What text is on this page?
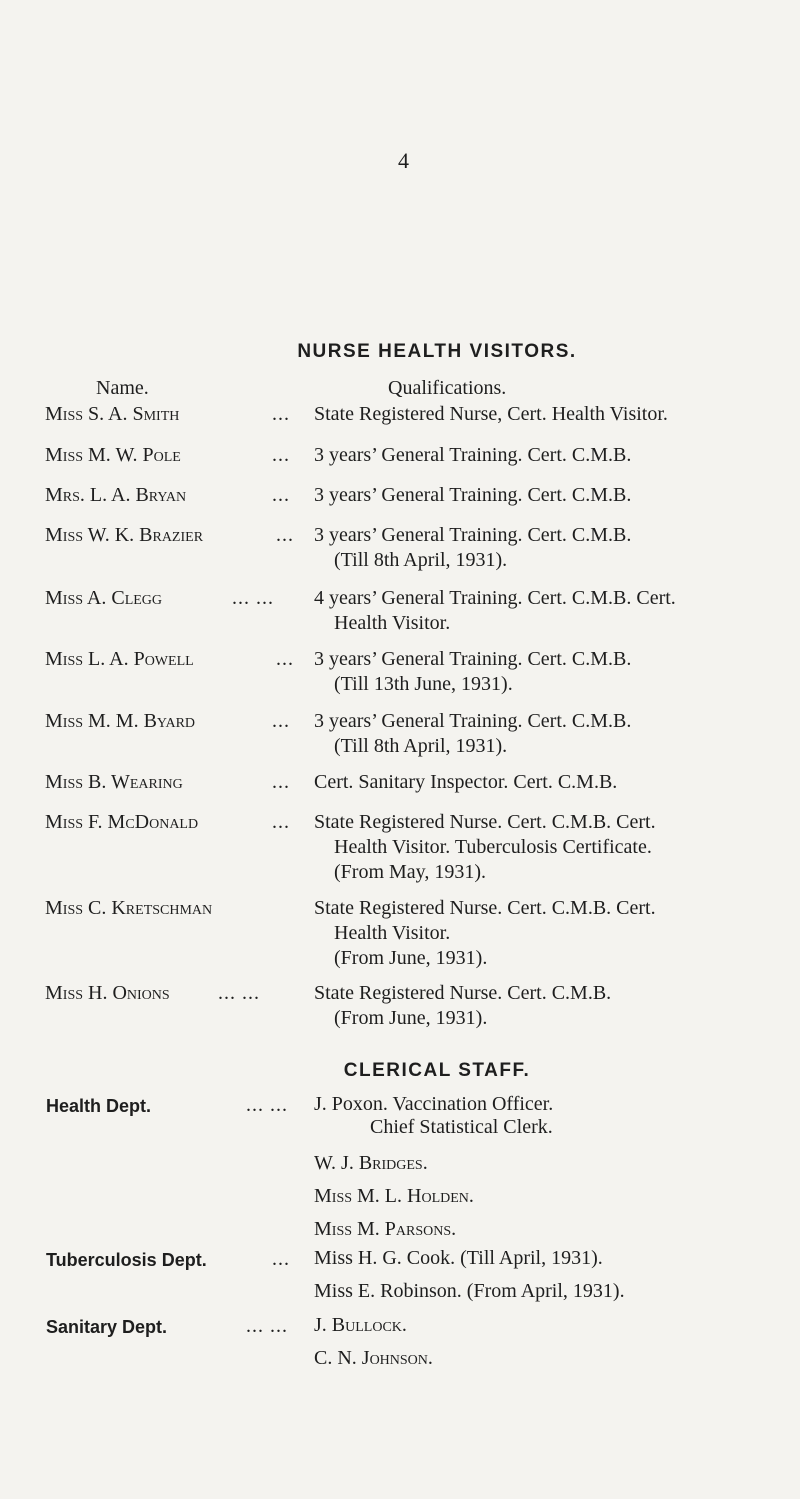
4
NURSE HEALTH VISITORS.
Name.	Qualifications.
Miss S. A. Smith	... State Registered Nurse, Cert. Health Visitor.
Miss M. W. Pole	... 3 years’ General Training. Cert. C.M.B.
Mrs. L. A. Bryan	... 3 years’ General Training. Cert. C.M.B.
Miss W. K. Brazier	... 3 years’ General Training. Cert. C.M.B.
(Till 8th April, 1931).
Miss A. Clegg	... ... 4 years’ General Training. Cert. C.M.B. Cert.
Health Visitor.
Miss L. A. Powell	... 3 years’ General Training. Cert. C.M.B.
(Till 13th June, 1931).
Miss M. M. Byard	... 3 years’ General Training. Cert. C.M.B.
(Till 8th April, 1931).
Miss B. Wearing	... Cert. Sanitary Inspector. Cert. C.M.B.
Miss F. McDonald	... State Registered Nurse. Cert. C.M.B. Cert.
Health Visitor. Tuberculosis Certificate.
(From May, 1931).
Miss C. Kretschman	State Registered Nurse. Cert. C.M.B. Cert.
Health Visitor.
(From June, 1931).
Miss H. Onions ... ...	State Registered Nurse. Cert. C.M.B.
(From June, 1931).
CLERICAL STAFF.
Health Dept.	... ... J. Poxon. Vaccination Officer.
Chief Statistical Clerk.
W. J. Bridges.
Miss M. L. Holden.
Miss M. Parsons.
Tuberculosis Dept.	... Miss H. G. Cook. (Till April, 1931).
Miss E. Robinson. (From April, 1931).
Sanitary Dept.	... ... J. Bullock.
C. N. Johnson.
